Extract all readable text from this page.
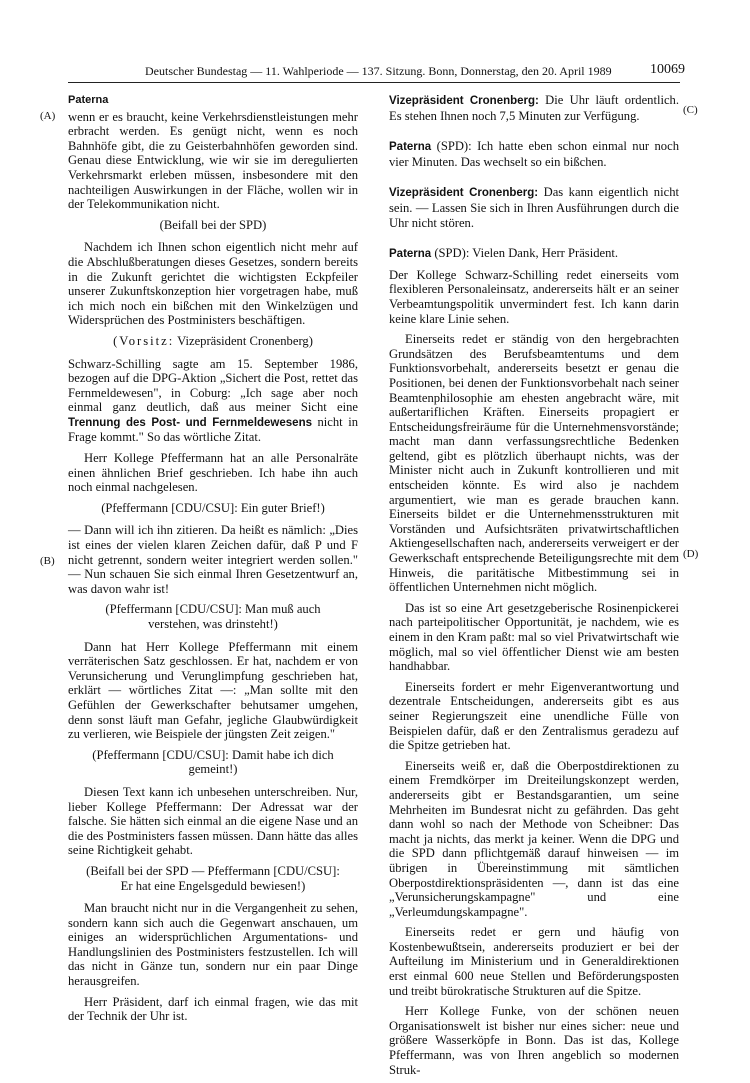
Deutscher Bundestag — 11. Wahlperiode — 137. Sitzung. Bonn, Donnerstag, den 20. April 1989	10069
(A)
(B)
(C)
(D)
Paterna

wenn er es braucht, keine Verkehrsdienstleistungen mehr erbracht werden. Es genügt nicht, wenn es noch Bahnhöfe gibt, die zu Geisterbahnhöfen geworden sind. Genau diese Entwicklung, wie wir sie im deregulierten Verkehrsmarkt erleben müssen, insbesondere mit den nachteiligen Auswirkungen in der Fläche, wollen wir in der Telekommunikation nicht.

(Beifall bei der SPD)

Nachdem ich Ihnen schon eigentlich nicht mehr auf die Abschlußberatungen dieses Gesetzes, sondern bereits in die Zukunft gerichtet die wichtigsten Eckpfeiler unserer Zukunftskonzeption hier vorgetragen habe, muß ich mich noch ein bißchen mit den Winkelzügen und Widersprüchen des Postministers beschäftigen.

(Vorsitz: Vizepräsident Cronenberg)

Schwarz-Schilling sagte am 15. September 1986, bezogen auf die DPG-Aktion „Sichert die Post, rettet das Fernmeldewesen", in Coburg: „Ich sage aber noch einmal ganz deutlich, daß aus meiner Sicht eine Trennung des Post- und Fernmeldewesens nicht in Frage kommt." So das wörtliche Zitat.

Herr Kollege Pfeffermann hat an alle Personalräte einen ähnlichen Brief geschrieben. Ich habe ihn auch noch einmal nachgelesen.

(Pfeffermann [CDU/CSU]: Ein guter Brief!)

— Dann will ich ihn zitieren. Da heißt es nämlich: „Dies ist eines der vielen klaren Zeichen dafür, daß P und F nicht getrennt, sondern weiter integriert werden sollen." — Nun schauen Sie sich einmal Ihren Gesetzentwurf an, was davon wahr ist!

(Pfeffermann [CDU/CSU]: Man muß auch verstehen, was drinsteht!)

Dann hat Herr Kollege Pfeffermann mit einem verräterischen Satz geschlossen. Er hat, nachdem er von Verunsicherung und Verunglimpfung geschrieben hat, erklärt — wörtliches Zitat —: „Man sollte mit den Gefühlen der Gewerkschafter behutsamer umgehen, denn sonst läuft man Gefahr, jegliche Glaubwürdigkeit zu verlieren, wie Beispiele der jüngsten Zeit zeigen."

(Pfeffermann [CDU/CSU]: Damit habe ich dich gemeint!)

Diesen Text kann ich unbesehen unterschreiben. Nur, lieber Kollege Pfeffermann: Der Adressat war der falsche. Sie hätten sich einmal an die eigene Nase und an die des Postministers fassen müssen. Dann hätte das alles seine Richtigkeit gehabt.

(Beifall bei der SPD — Pfeffermann [CDU/CSU]: Er hat eine Engelsgeduld bewiesen!)

Man braucht nicht nur in die Vergangenheit zu sehen, sondern kann sich auch die Gegenwart anschauen, um einiges an widersprüchlichen Argumentations- und Handlungslinien des Postministers festzustellen. Ich will das nicht in Gänze tun, sondern nur ein paar Dinge herausgreifen.

Herr Präsident, darf ich einmal fragen, wie das mit der Technik der Uhr ist.

Vizepräsident Cronenberg: Die Uhr läuft ordentlich. Es stehen Ihnen noch 7,5 Minuten zur Verfügung.

Paterna (SPD): Ich hatte eben schon einmal nur noch vier Minuten. Das wechselt so ein bißchen.

Vizepräsident Cronenberg: Das kann eigentlich nicht sein. — Lassen Sie sich in Ihren Ausführungen durch die Uhr nicht stören.

Paterna (SPD): Vielen Dank, Herr Präsident.

Der Kollege Schwarz-Schilling redet einerseits vom flexibleren Personaleinsatz, andererseits hält er an seiner Verbeamtungspolitik unvermindert fest. Ich kann darin keine klare Linie sehen.

Einerseits redet er ständig von den hergebrachten Grundsätzen des Berufsbeamtentums und dem Funktionsvorbehalt, andererseits besetzt er genau die Positionen, bei denen der Funktionsvorbehalt nach seiner Beamtenphilosophie am ehesten angebracht wäre, mit außertariflichen Kräften. Einerseits propagiert er Entscheidungsfreiräume für die Unternehmensvorstände; macht man dann verfassungsrechtliche Bedenken geltend, gibt es plötzlich überhaupt nichts, was der Minister nicht auch in Zukunft kontrollieren und mit entscheiden könnte. Es wird also je nachdem argumentiert, wie man es gerade brauchen kann. Einerseits bildet er die Unternehmensstrukturen mit Vorständen und Aufsichtsräten privatwirtschaftlichen Aktiengesellschaften nach, andererseits verweigert er der Gewerkschaft entsprechende Beteiligungsrechte mit dem Hinweis, die paritätische Mitbestimmung sei in öffentlichen Unternehmen nicht möglich.

Das ist so eine Art gesetzgeberische Rosinenpickerei nach parteipolitischer Opportunität, je nachdem, wie es einem in den Kram paßt: mal so viel Privatwirtschaft wie möglich, mal so viel öffentlicher Dienst wie am besten handhabbar.

Einerseits fordert er mehr Eigenverantwortung und dezentrale Entscheidungen, andererseits gibt es aus seiner Regierungszeit eine unendliche Fülle von Beispielen dafür, daß er den Zentralismus geradezu auf die Spitze getrieben hat.

Einerseits weiß er, daß die Oberpostdirektionen zu einem Fremdkörper im Dreiteilungskonzept werden, andererseits gibt er Bestandsgarantien, um seine Mehrheiten im Bundesrat nicht zu gefährden. Das geht dann wohl so nach der Methode von Scheibner: Das macht ja nichts, das merkt ja keiner. Wenn die DPG und die SPD dann pflichtgemäß darauf hinweisen — im übrigen in Übereinstimmung mit sämtlichen Oberpostdirektionspräsidenten —, dann ist das eine „Verunsicherungskampagne" und eine „Verleumdungskampagne".

Einerseits redet er gern und häufig von Kostenbewußtsein, andererseits produziert er bei der Aufteilung im Ministerium und in Generaldirektionen erst einmal 600 neue Stellen und Beförderungsposten und treibt bürokratische Strukturen auf die Spitze.

Herr Kollege Funke, von der schönen neuen Organisationswelt ist bisher nur eines sicher: neue und größere Wasserköpfe in Bonn. Das ist das, Kollege Pfeffermann, was von Ihren angeblich so modernen Struk-
